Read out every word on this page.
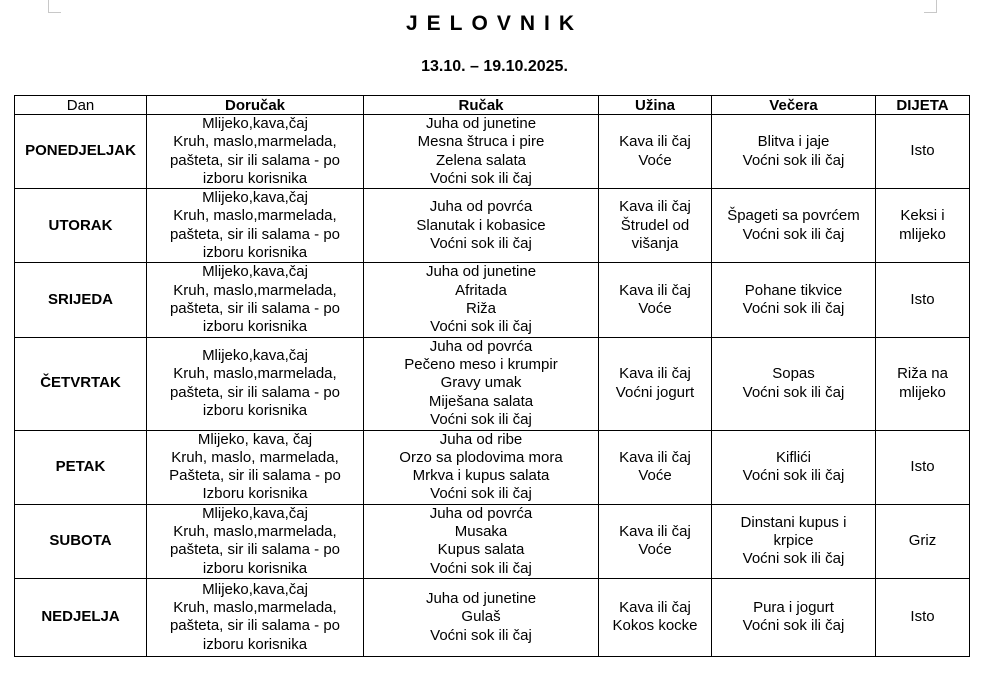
JELOVNIK
13.10. – 19.10.2025.
Dan	Doručak	Ručak	Užina	Večera	DIJETA
PONEDJELJAK	Mlijeko,kava,čaj
Kruh, maslo,marmelada,
pašteta, sir ili salama - po
izboru korisnika	Juha od junetine
Mesna štruca i pire
Zelena salata
Voćni sok ili čaj	Kava ili čaj
Voće	Blitva i jaje
Voćni sok ili čaj	Isto

UTORAK	Mlijeko,kava,čaj
Kruh, maslo,marmelada,
pašteta, sir ili salama - po
izboru korisnika	Juha od povrća
Slanutak i kobasice
Voćni sok ili čaj	Kava ili čaj
Štrudel od
višanja	Špageti sa povrćem
Voćni sok ili čaj	Keksi i
mlijeko

SRIJEDA	Mlijeko,kava,čaj
Kruh, maslo,marmelada,
pašteta, sir ili salama - po
izboru korisnika	Juha od junetine
Afritada
Riža
Voćni sok ili čaj	Kava ili čaj
Voće	Pohane tikvice
Voćni sok ili čaj	Isto

ČETVRTAK	Mlijeko,kava,čaj
Kruh, maslo,marmelada,
pašteta, sir ili salama - po
izboru korisnika	Juha od povrća
Pečeno meso i krumpir
Gravy umak
Miješana salata
Voćni sok ili čaj	Kava ili čaj
Voćni jogurt	Sopas
Voćni sok ili čaj	Riža na
mlijeko

PETAK	Mlijeko, kava, čaj
Kruh, maslo, marmelada,
Pašteta, sir ili salama - po
Izboru korisnika	Juha od ribe
Orzo sa plodovima mora
Mrkva i kupus salata
Voćni sok ili čaj	Kava ili čaj
Voće	Kiflići
Voćni sok ili čaj	Isto

SUBOTA	Mlijeko,kava,čaj
Kruh, maslo,marmelada,
pašteta, sir ili salama - po
izboru korisnika	Juha od povrća
Musaka
Kupus salata
Voćni sok ili čaj	Kava ili čaj
Voće	Dinstani kupus i
krpice
Voćni sok ili čaj	Griz

NEDJELJA	Mlijeko,kava,čaj
Kruh, maslo,marmelada,
pašteta, sir ili salama - po
izboru korisnika	Juha od junetine
Gulaš
Voćni sok ili čaj	Kava ili čaj
Kokos kocke	Pura i jogurt
Voćni sok ili čaj	Isto
